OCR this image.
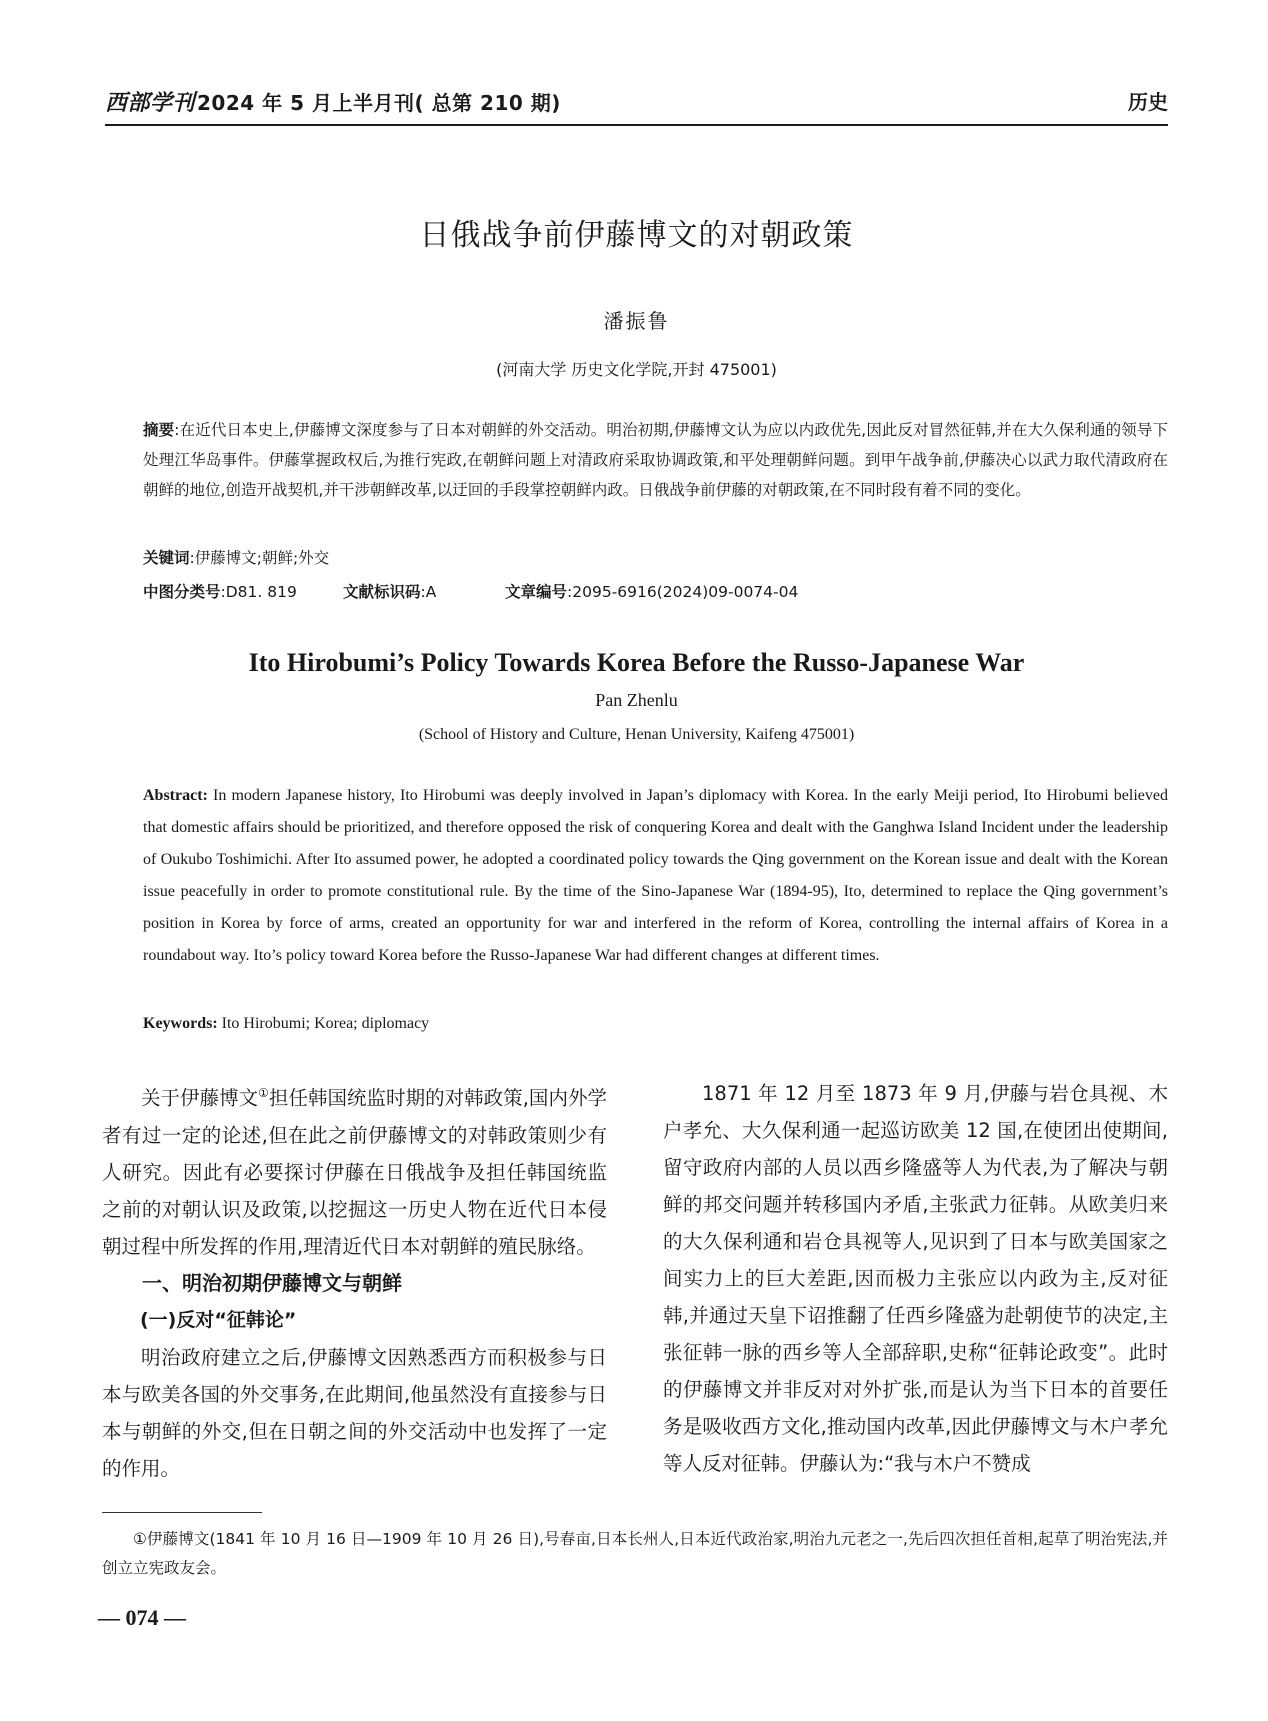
西部学刊 2024 年 5 月上半月刊( 总第 210 期)	历史
日俄战争前伊藤博文的对朝政策
潘振鲁
(河南大学 历史文化学院,开封 475001)
摘要:在近代日本史上,伊藤博文深度参与了日本对朝鲜的外交活动。明治初期,伊藤博文认为应以内政优先,因此反对冒然征韩,并在大久保利通的领导下处理江华岛事件。伊藤掌握政权后,为推行宪政,在朝鲜问题上对清政府采取协调政策,和平处理朝鲜问题。到甲午战争前,伊藤决心以武力取代清政府在朝鲜的地位,创造开战契机,并干涉朝鲜改革,以迂回的手段掌控朝鲜内政。日俄战争前伊藤的对朝政策,在不同时段有着不同的变化。
关键词:伊藤博文;朝鲜;外交
中图分类号:D81. 819	文献标识码:A	文章编号:2095-6916(2024)09-0074-04
Ito Hirobumi’s Policy Towards Korea Before the Russo-Japanese War
Pan Zhenlu
(School of History and Culture, Henan University, Kaifeng 475001)
Abstract: In modern Japanese history, Ito Hirobumi was deeply involved in Japan’s diplomacy with Korea. In the early Meiji period, Ito Hirobumi believed that domestic affairs should be prioritized, and therefore opposed the risk of conquering Korea and dealt with the Ganghwa Island Incident under the leadership of Oukubo Toshimichi. After Ito assumed power, he adopted a coordinated policy towards the Qing government on the Korean issue and dealt with the Korean issue peacefully in order to promote constitutional rule. By the time of the Sino-Japanese War (1894-95), Ito, determined to replace the Qing government’s position in Korea by force of arms, created an opportunity for war and interfered in the reform of Korea, controlling the internal affairs of Korea in a roundabout way. Ito’s policy toward Korea before the Russo-Japanese War had different changes at different times.
Keywords: Ito Hirobumi; Korea; diplomacy

关于伊藤博文①担任韩国统监时期的对韩政策,国内外学者有过一定的论述,但在此之前伊藤博文的对韩政策则少有人研究。因此有必要探讨伊藤在日俄战争及担任韩国统监之前的对朝认识及政策,以挖掘这一历史人物在近代日本侵朝过程中所发挥的作用,理清近代日本对朝鲜的殖民脉络。

一、明治初期伊藤博文与朝鲜
(一)反对“征韩论”

明治政府建立之后,伊藤博文因熟悉西方而积极参与日本与欧美各国的外交事务,在此期间,他虽然没有直接参与日本与朝鲜的外交,但在日朝之间的外交活动中也发挥了一定的作用。

1871 年 12 月至 1873 年 9 月,伊藤与岩仓具视、木户孝允、大久保利通一起巡访欧美 12 国,在使团出使期间,留守政府内部的人员以西乡隆盛等人为代表,为了解决与朝鲜的邦交问题并转移国内矛盾,主张武力征韩。从欧美归来的大久保利通和岩仓具视等人,见识到了日本与欧美国家之间实力上的巨大差距,因而极力主张应以内政为主,反对征韩,并通过天皇下诏推翻了任西乡隆盛为赴朝使节的决定,主张征韩一脉的西乡等人全部辞职,史称“征韩论政变”。此时的伊藤博文并非反对对外扩张,而是认为当下日本的首要任务是吸收西方文化,推动国内改革,因此伊藤博文与木户孝允等人反对征韩。伊藤认为:“我与木户不赞成

①伊藤博文(1841 年 10 月 16 日—1909 年 10 月 26 日),号春亩,日本长州人,日本近代政治家,明治九元老之一,先后四次担任首相,起草了明治宪法,并创立立宪政友会。
— 074 —
